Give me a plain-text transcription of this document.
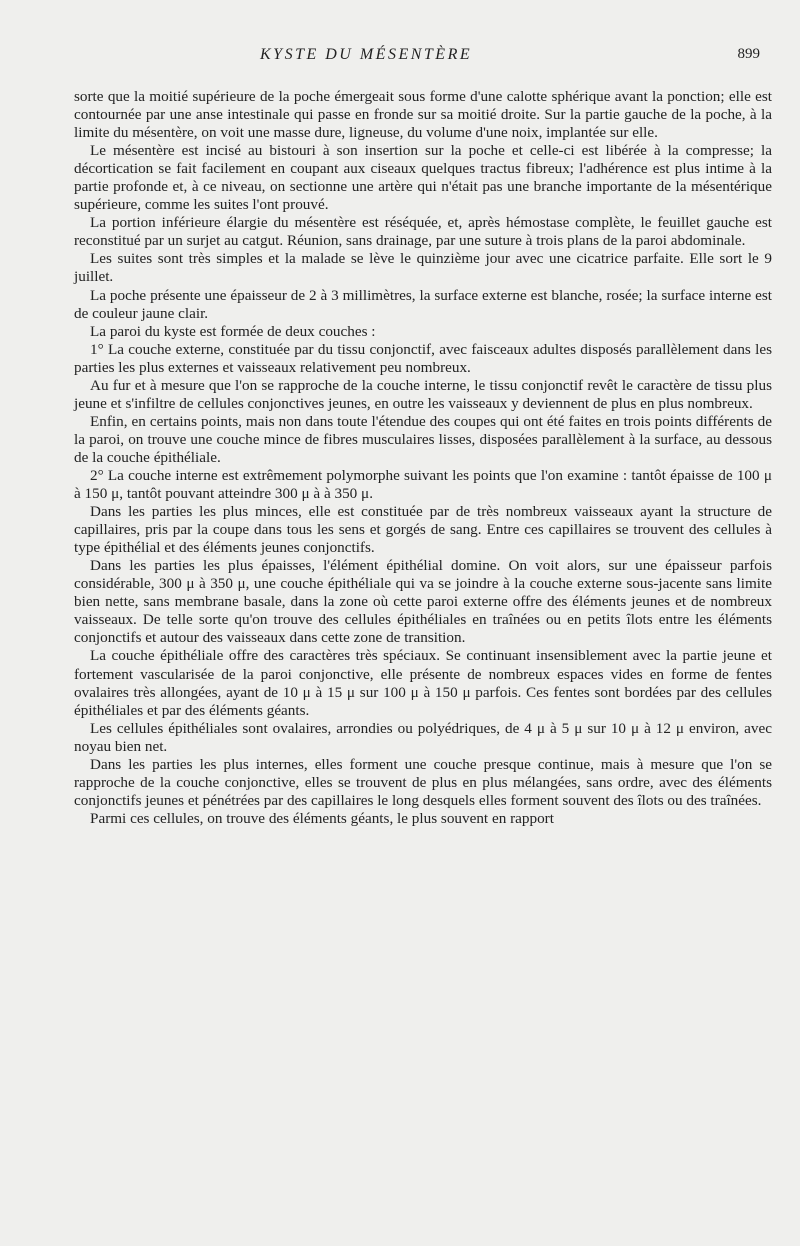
KYSTE DU MÉSENTÈRE	899

sorte que la moitié supérieure de la poche émergeait sous forme d'une calotte sphérique avant la ponction; elle est contournée par une anse intestinale qui passe en fronde sur sa moitié droite. Sur la partie gauche de la poche, à la limite du mésentère, on voit une masse dure, ligneuse, du volume d'une noix, implantée sur elle.

Le mésentère est incisé au bistouri à son insertion sur la poche et celle-ci est libérée à la compresse; la décortication se fait facilement en coupant aux ciseaux quelques tractus fibreux; l'adhérence est plus intime à la partie profonde et, à ce niveau, on sectionne une artère qui n'était pas une branche importante de la mésentérique supérieure, comme les suites l'ont prouvé.

La portion inférieure élargie du mésentère est réséquée, et, après hémostase complète, le feuillet gauche est reconstitué par un surjet au catgut. Réunion, sans drainage, par une suture à trois plans de la paroi abdominale.

Les suites sont très simples et la malade se lève le quinzième jour avec une cicatrice parfaite. Elle sort le 9 juillet.

La poche présente une épaisseur de 2 à 3 millimètres, la surface externe est blanche, rosée; la surface interne est de couleur jaune clair.

La paroi du kyste est formée de deux couches :

1° La couche externe, constituée par du tissu conjonctif, avec faisceaux adultes disposés parallèlement dans les parties les plus externes et vaisseaux relativement peu nombreux.

Au fur et à mesure que l'on se rapproche de la couche interne, le tissu conjonctif revêt le caractère de tissu plus jeune et s'infiltre de cellules conjonctives jeunes, en outre les vaisseaux y deviennent de plus en plus nombreux.

Enfin, en certains points, mais non dans toute l'étendue des coupes qui ont été faites en trois points différents de la paroi, on trouve une couche mince de fibres musculaires lisses, disposées parallèlement à la surface, au dessous de la couche épithéliale.

2° La couche interne est extrêmement polymorphe suivant les points que l'on examine : tantôt épaisse de 100 μ à 150 μ, tantôt pouvant atteindre 300 μ à à 350 μ.

Dans les parties les plus minces, elle est constituée par de très nombreux vaisseaux ayant la structure de capillaires, pris par la coupe dans tous les sens et gorgés de sang. Entre ces capillaires se trouvent des cellules à type épithélial et des éléments jeunes conjonctifs.

Dans les parties les plus épaisses, l'élément épithélial domine. On voit alors, sur une épaisseur parfois considérable, 300 μ à 350 μ, une couche épithéliale qui va se joindre à la couche externe sous-jacente sans limite bien nette, sans membrane basale, dans la zone où cette paroi externe offre des éléments jeunes et de nombreux vaisseaux. De telle sorte qu'on trouve des cellules épithéliales en traînées ou en petits îlots entre les éléments conjonctifs et autour des vaisseaux dans cette zone de transition.

La couche épithéliale offre des caractères très spéciaux. Se continuant insensiblement avec la partie jeune et fortement vascularisée de la paroi conjonctive, elle présente de nombreux espaces vides en forme de fentes ovalaires très allongées, ayant de 10 μ à 15 μ sur 100 μ à 150 μ parfois. Ces fentes sont bordées par des cellules épithéliales et par des éléments géants.

Les cellules épithéliales sont ovalaires, arrondies ou polyédriques, de 4 μ à 5 μ sur 10 μ à 12 μ environ, avec noyau bien net.

Dans les parties les plus internes, elles forment une couche presque continue, mais à mesure que l'on se rapproche de la couche conjonctive, elles se trouvent de plus en plus mélangées, sans ordre, avec des éléments conjonctifs jeunes et pénétrées par des capillaires le long desquels elles forment souvent des îlots ou des traînées.

Parmi ces cellules, on trouve des éléments géants, le plus souvent en rapport
